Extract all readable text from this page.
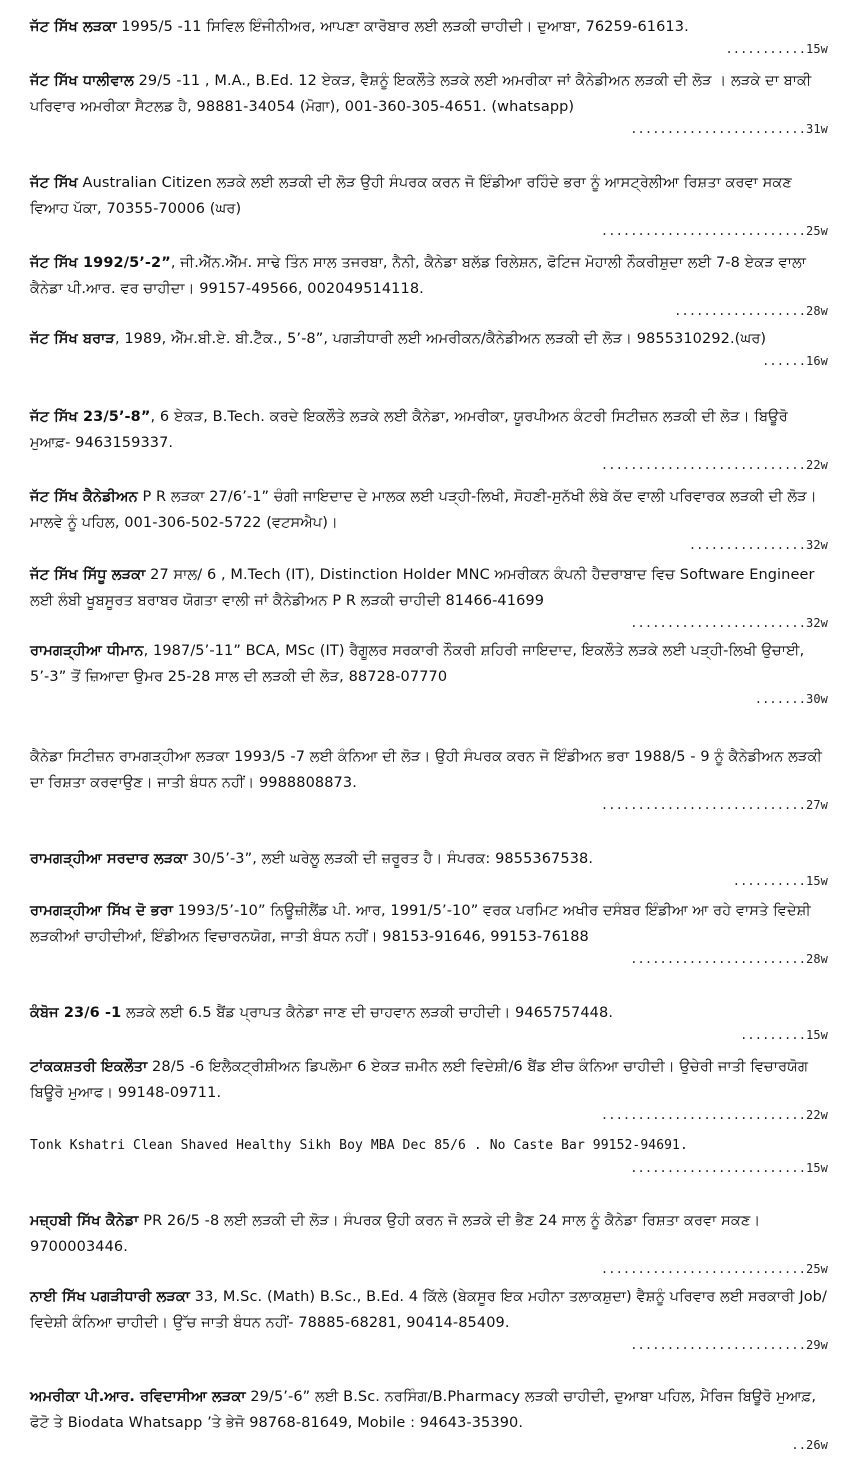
ਜੱਟ ਸਿੱਖ ਲੜਕਾ 1995/5 -11 ਸਿਵਿਲ ਇੰਜੀਨੀਅਰ, ਆਪਣਾ ਕਾਰੋਬਾਰ ਲਈ ਲੜਕੀ ਚਾਹੀਦੀ। ਦੁਆਬਾ, 76259-61613.
...........15w
ਜੱਟ ਸਿੱਖ ਧਾਲੀਵਾਲ 29/5 -11 , M.A., B.Ed. 12 ਏਕੜ, ਵੈਸ਼ਨੂੰ ਇਕਲੌਤੇ ਲੜਕੇ ਲਈ ਅਮਰੀਕਾ ਜਾਂ ਕੈਨੇਡੀਅਨ ਲੜਕੀ ਦੀ ਲੋੜ । ਲੜਕੇ ਦਾ ਬਾਕੀ ਪਰਿਵਾਰ ਅਮਰੀਕਾ ਸੈਟਲਡ ਹੈ, 98881-34054 (ਮੋਗਾ), 001-360-305-4651. (whatsapp)
........................31w
ਜੱਟ ਸਿੱਖ Australian Citizen ਲੜਕੇ ਲਈ ਲੜਕੀ ਦੀ ਲੋੜ ਉਹੀ ਸੰਪਰਕ ਕਰਨ ਜੋ ਇੰਡੀਆ ਰਹਿੰਦੇ ਭਰਾ ਨੂੰ ਆਸਟ੍ਰੇਲੀਆ ਰਿਸ਼ਤਾ ਕਰਵਾ ਸਕਣ ਵਿਆਹ ਪੱਕਾ, 70355-70006 (ਘਰ)
............................25w
ਜੱਟ ਸਿੱਖ 1992/5’-2”, ਜੀ.ਐੱਨ.ਐੱਮ. ਸਾਢੇ ਤਿੰਨ ਸਾਲ ਤਜਰਬਾ, ਨੈਨੀ, ਕੈਨੇਡਾ ਬਲੱਡ ਰਿਲੇਸ਼ਨ, ਫੋਟਿਜ ਮੋਹਾਲੀ ਨੌਕਰੀਸ਼ੁਦਾ ਲਈ 7-8 ਏਕੜ ਵਾਲਾ ਕੈਨੇਡਾ ਪੀ.ਆਰ. ਵਰ ਚਾਹੀਦਾ। 99157-49566, 002049514118.
..................28w
ਜੱਟ ਸਿੱਖ ਬਰਾੜ, 1989, ਐੱਮ.ਬੀ.ਏ. ਬੀ.ਟੈੱਕ., 5’-8”, ਪਗੜੀਧਾਰੀ ਲਈ ਅਮਰੀਕਨ/ਕੈਨੇਡੀਅਨ ਲੜਕੀ ਦੀ ਲੋੜ। 9855310292.(ਘਰ)
......16w
ਜੱਟ ਸਿੱਖ 23/5’-8”, 6 ਏਕੜ, B.Tech. ਕਰਦੇ ਇਕਲੌਤੇ ਲੜਕੇ ਲਈ ਕੈਨੇਡਾ, ਅਮਰੀਕਾ, ਯੂਰਪੀਅਨ ਕੰਟਰੀ ਸਿਟੀਜ਼ਨ ਲੜਕੀ ਦੀ ਲੋੜ। ਬਿਊਰੋ ਮੁਆਫ਼- 9463159337.
............................22w
ਜੱਟ ਸਿੱਖ ਕੈਨੇਡੀਅਨ P R ਲੜਕਾ 27/6’-1” ਚੰਗੀ ਜਾਇਦਾਦ ਦੇ ਮਾਲਕ ਲਈ ਪੜ੍ਹੀ-ਲਿਖੀ, ਸੋਹਣੀ-ਸੁਨੱਖੀ ਲੰਬੇ ਕੱਦ ਵਾਲੀ ਪਰਿਵਾਰਕ ਲੜਕੀ ਦੀ ਲੋੜ। ਮਾਲਵੇ ਨੂੰ ਪਹਿਲ, 001-306-502-5722 (ਵਟਸਐਪ)।
................32w
ਜੱਟ ਸਿੱਖ ਸਿੱਧੂ ਲੜਕਾ 27 ਸਾਲ/ 6 , M.Tech (IT), Distinction Holder MNC ਅਮਰੀਕਨ ਕੰਪਨੀ ਹੈਦਰਾਬਾਦ ਵਿਚ Software Engineer ਲਈ ਲੰਬੀ ਖੂਬਸੂਰਤ ਬਰਾਬਰ ਯੋਗਤਾ ਵਾਲੀ ਜਾਂ ਕੈਨੇਡੀਅਨ P R ਲੜਕੀ ਚਾਹੀਦੀ 81466-41699
........................32w
ਰਾਮਗੜ੍ਹੀਆ ਧੀਮਾਨ, 1987/5’-11” BCA, MSc (IT) ਰੈਗੂਲਰ ਸਰਕਾਰੀ ਨੌਕਰੀ ਸ਼ਹਿਰੀ ਜਾਇਦਾਦ, ਇਕਲੌਤੇ ਲੜਕੇ ਲਈ ਪੜ੍ਹੀ-ਲਿਖੀ ਉਚਾਈ, 5’-3” ਤੋਂ ਜ਼ਿਆਦਾ ਉਮਰ 25-28 ਸਾਲ ਦੀ ਲੜਕੀ ਦੀ ਲੋੜ, 88728-07770
.......30w
ਕੈਨੇਡਾ ਸਿਟੀਜ਼ਨ ਰਾਮਗੜ੍ਹੀਆ ਲੜਕਾ 1993/5 -7 ਲਈ ਕੰਨਿਆ ਦੀ ਲੋੜ। ਉਹੀ ਸੰਪਰਕ ਕਰਨ ਜੋ ਇੰਡੀਅਨ ਭਰਾ 1988/5 - 9 ਨੂੰ ਕੈਨੇਡੀਅਨ ਲੜਕੀ ਦਾ ਰਿਸ਼ਤਾ ਕਰਵਾਉਣ। ਜਾਤੀ ਬੰਧਨ ਨਹੀਂ। 9988808873.
............................27w
ਰਾਮਗੜ੍ਹੀਆ ਸਰਦਾਰ ਲੜਕਾ 30/5’-3”, ਲਈ ਘਰੇਲੂ ਲੜਕੀ ਦੀ ਜ਼ਰੂਰਤ ਹੈ। ਸੰਪਰਕ: 9855367538.
..........15w
ਰਾਮਗੜ੍ਹੀਆ ਸਿੱਖ ਦੋ ਭਰਾ 1993/5’-10” ਨਿਊਜ਼ੀਲੈਂਡ ਪੀ. ਆਰ, 1991/5’-10” ਵਰਕ ਪਰਮਿਟ ਅਖੀਰ ਦਸੰਬਰ ਇੰਡੀਆ ਆ ਰਹੇ ਵਾਸਤੇ ਵਿਦੇਸ਼ੀ ਲੜਕੀਆਂ ਚਾਹੀਦੀਆਂ, ਇੰਡੀਅਨ ਵਿਚਾਰਨਯੋਗ, ਜਾਤੀ ਬੰਧਨ ਨਹੀਂ। 98153-91646, 99153-76188
........................28w
ਕੰਬੋਜ 23/6 -1 ਲੜਕੇ ਲਈ 6.5 ਬੈਂਡ ਪ੍ਰਾਪਤ ਕੈਨੇਡਾ ਜਾਣ ਦੀ ਚਾਹਵਾਨ ਲੜਕੀ ਚਾਹੀਦੀ। 9465757448.
.........15w
ਟਾਂਕਕਸ਼ਤਰੀ ਇਕਲੌਤਾ 28/5 -6 ਇਲੈਕਟ੍ਰੀਸ਼ੀਅਨ ਡਿਪਲੋਮਾ 6 ਏਕੜ ਜ਼ਮੀਨ ਲਈ ਵਿਦੇਸ਼ੀ/6 ਬੈਂਡ ਈਚ ਕੰਨਿਆ ਚਾਹੀਦੀ। ਉਚੇਰੀ ਜਾਤੀ ਵਿਚਾਰਯੋਗ ਬਿਊਰੋ ਮੁਆਫ। 99148-09711.
............................22w
Tonk Kshatri Clean Shaved Healthy Sikh Boy MBA Dec 85/6 . No Caste Bar 99152-94691.
........................15w
ਮਜ਼੍ਹਬੀ ਸਿੱਖ ਕੈਨੇਡਾ PR 26/5 -8 ਲਈ ਲੜਕੀ ਦੀ ਲੋੜ। ਸੰਪਰਕ ਉਹੀ ਕਰਨ ਜੋ ਲੜਕੇ ਦੀ ਭੈਣ 24 ਸਾਲ ਨੂੰ ਕੈਨੇਡਾ ਰਿਸ਼ਤਾ ਕਰਵਾ ਸਕਣ। 9700003446.
............................25w
ਨਾਈ ਸਿੱਖ ਪਗੜੀਧਾਰੀ ਲੜਕਾ 33, M.Sc. (Math) B.Sc., B.Ed. 4 ਕਿੱਲੇ (ਬੇਕਸੂਰ ਇਕ ਮਹੀਨਾ ਤਲਾਕਸ਼ੁਦਾ) ਵੈਸ਼ਨੂੰ ਪਰਿਵਾਰ ਲਈ ਸਰਕਾਰੀ Job/ ਵਿਦੇਸ਼ੀ ਕੰਨਿਆ ਚਾਹੀਦੀ। ਉੱਚ ਜਾਤੀ ਬੰਧਨ ਨਹੀਂ- 78885-68281, 90414-85409.
........................29w
ਅਮਰੀਕਾ ਪੀ.ਆਰ. ਰਵਿਦਾਸੀਆ ਲੜਕਾ 29/5’-6” ਲਈ B.Sc. ਨਰਸਿੰਗ/B.Pharmacy ਲੜਕੀ ਚਾਹੀਦੀ, ਦੁਆਬਾ ਪਹਿਲ, ਮੈਰਿਜ ਬਿਊਰੋ ਮੁਆਫ਼, ਫੋਟੋ ਤੇ Biodata Whatsapp ’ਤੇ ਭੇਜੋ 98768-81649, Mobile : 94643-35390.
..26w
